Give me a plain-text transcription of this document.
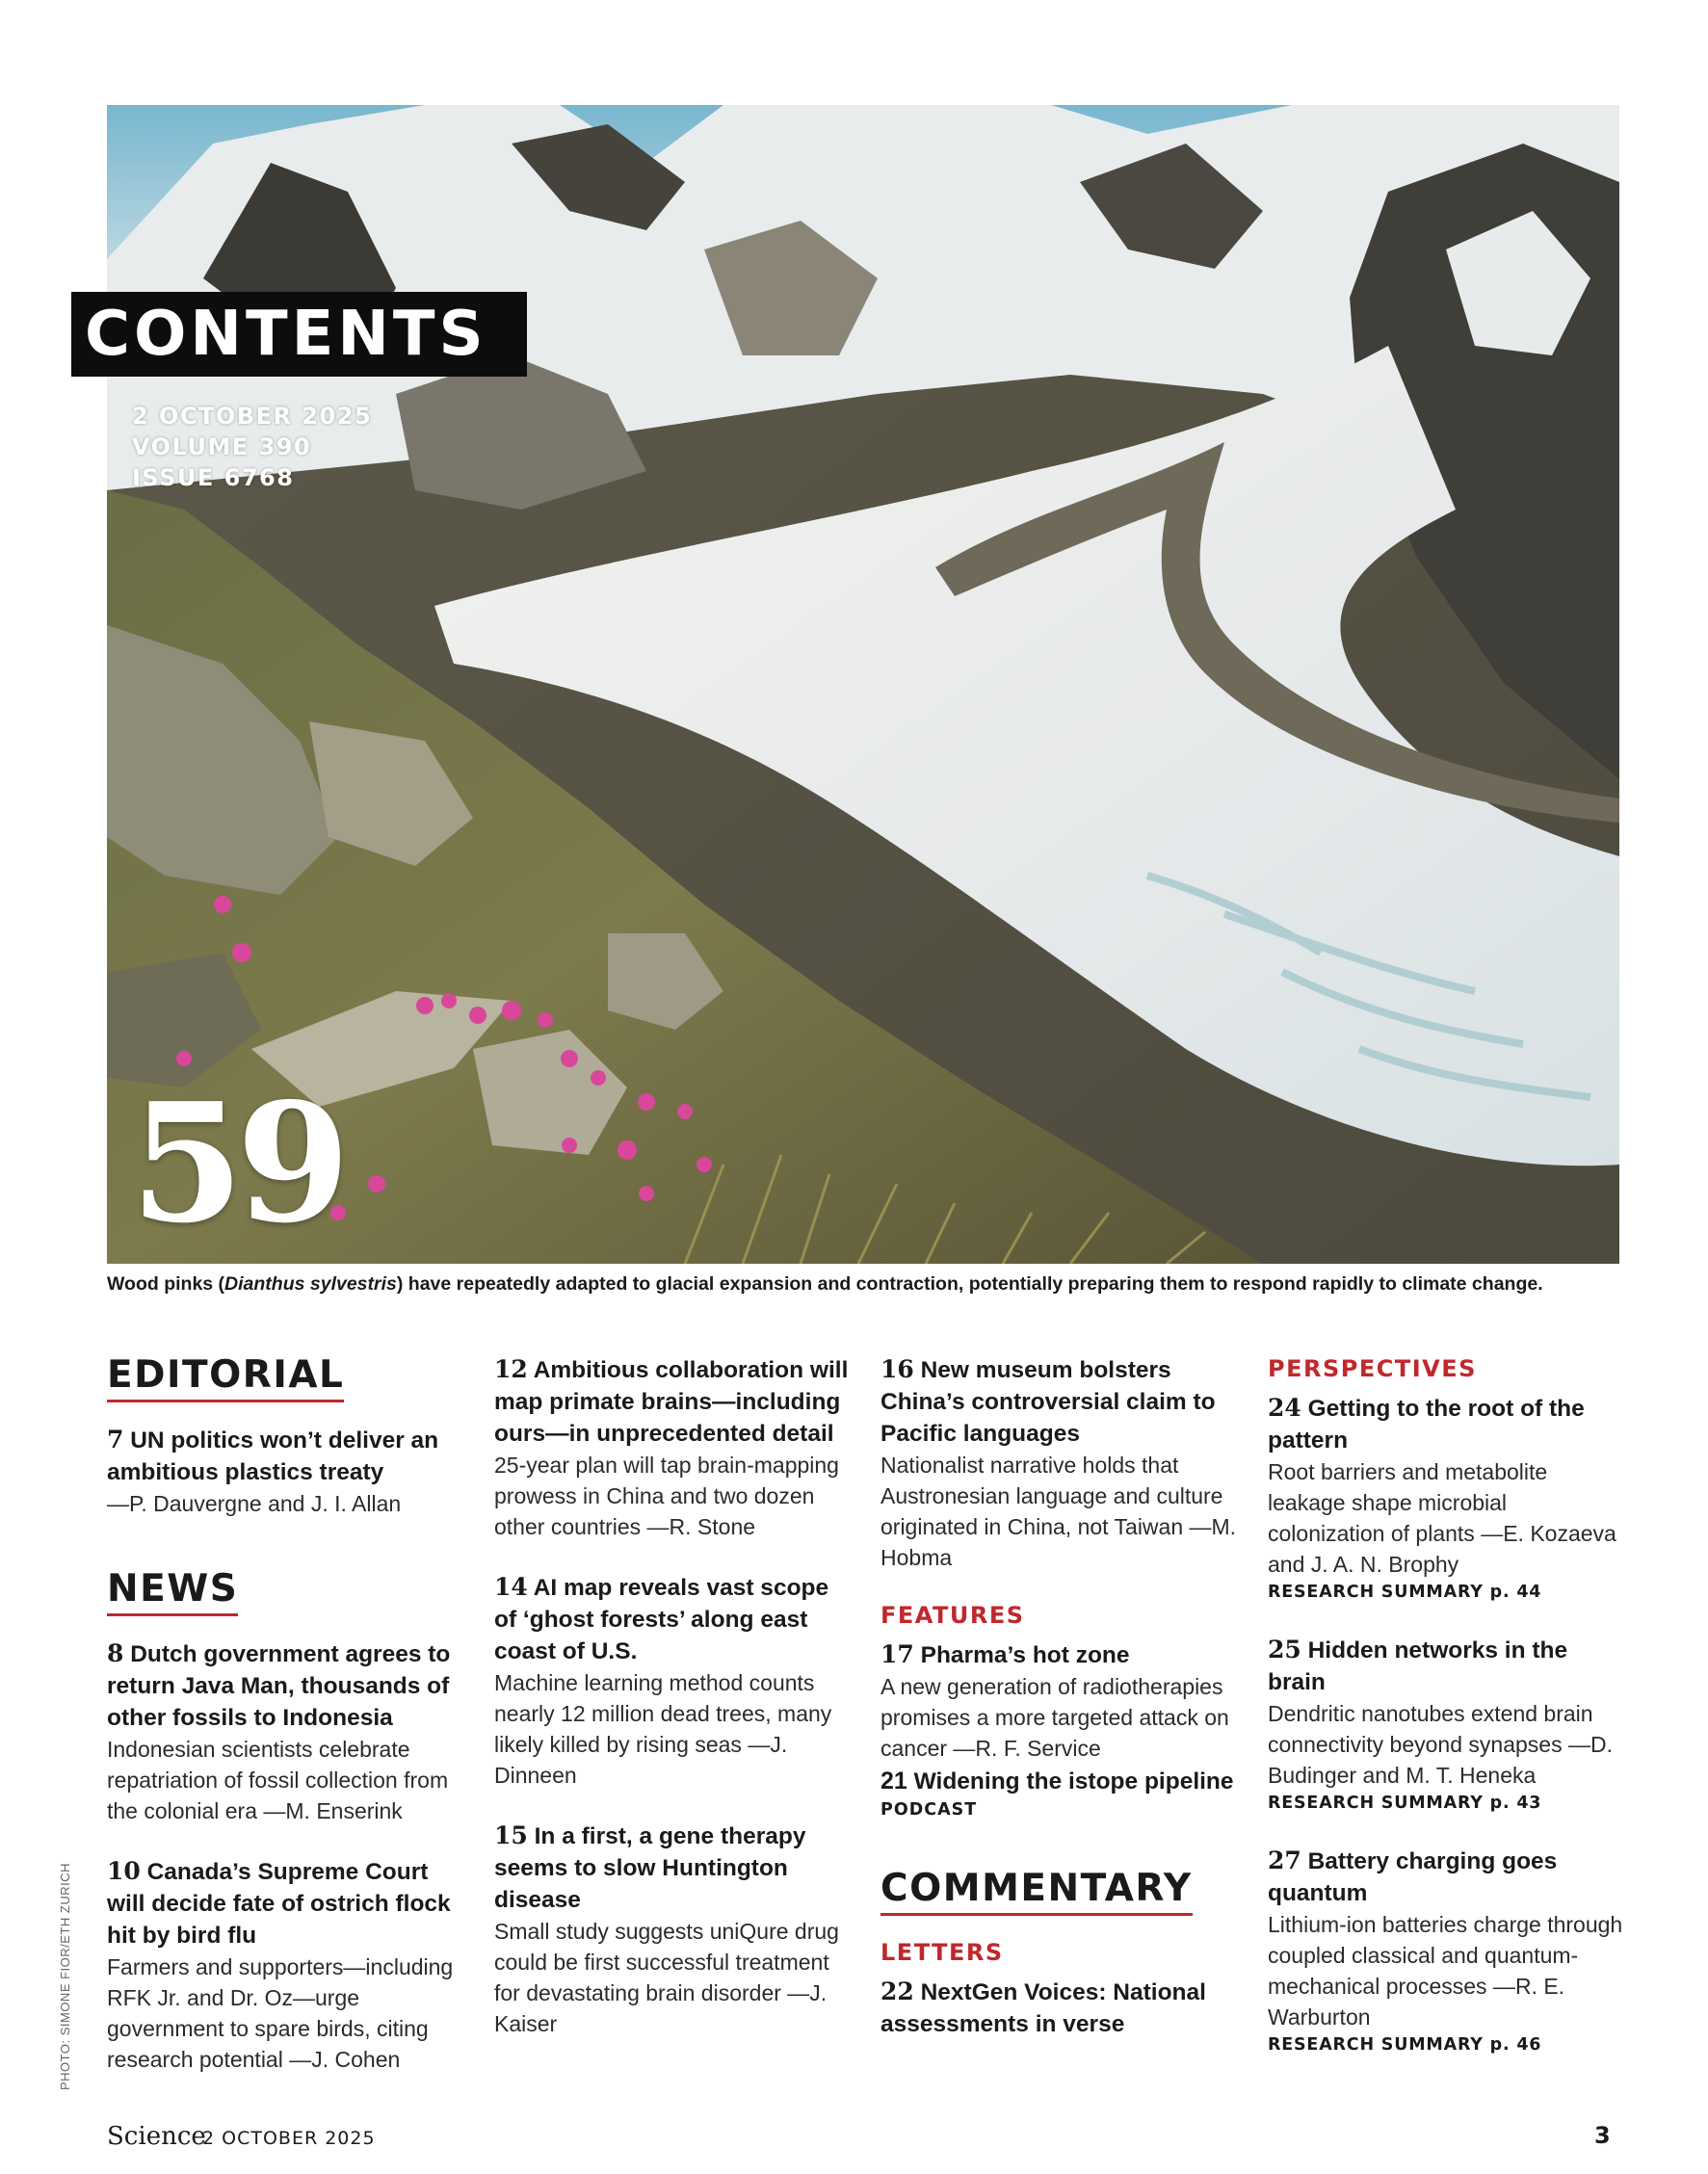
CONTENTS
2 OCTOBER 2025
VOLUME 390
ISSUE 6768
59
Wood pinks (Dianthus sylvestris) have repeatedly adapted to glacial expansion and contraction, potentially preparing them to respond rapidly to climate change.
PHOTO: SIMONE FIOR/ETH ZURICH
EDITORIAL
7 UN politics won’t deliver an ambitious plastics treaty
—P. Dauvergne and J. I. Allan
NEWS
8 Dutch government agrees to return Java Man, thousands of other fossils to Indonesia
Indonesian scientists celebrate repatriation of fossil collection from the colonial era —M. Enserink
10 Canada’s Supreme Court will decide fate of ostrich flock hit by bird flu
Farmers and supporters—including RFK Jr. and Dr. Oz—urge government to spare birds, citing research potential —J. Cohen
12 Ambitious collaboration will map primate brains—including ours—in unprecedented detail
25-year plan will tap brain-mapping prowess in China and two dozen other countries —R. Stone
14 AI map reveals vast scope of ‘ghost forests’ along east coast of U.S.
Machine learning method counts nearly 12 million dead trees, many likely killed by rising seas —J. Dinneen
15 In a first, a gene therapy seems to slow Huntington disease
Small study suggests uniQure drug could be first successful treatment for devastating brain disorder —J. Kaiser
16 New museum bolsters China’s controversial claim to Pacific languages
Nationalist narrative holds that Austronesian language and culture originated in China, not Taiwan —M. Hobma
FEATURES
17 Pharma’s hot zone
A new generation of radiotherapies promises a more targeted attack on cancer —R. F. Service
21 Widening the istope pipeline
PODCAST
COMMENTARY
LETTERS
22 NextGen Voices: National assessments in verse
PERSPECTIVES
24 Getting to the root of the pattern
Root barriers and metabolite leakage shape microbial colonization of plants —E. Kozaeva and J. A. N. Brophy
RESEARCH SUMMARY p. 44
25 Hidden networks in the brain
Dendritic nanotubes extend brain connectivity beyond synapses —D. Budinger and M. T. Heneka
RESEARCH SUMMARY p. 43
27 Battery charging goes quantum
Lithium-ion batteries charge through coupled classical and quantum-mechanical processes —R. E. Warburton
RESEARCH SUMMARY p. 46
Science
2 OCTOBER 2025	3
